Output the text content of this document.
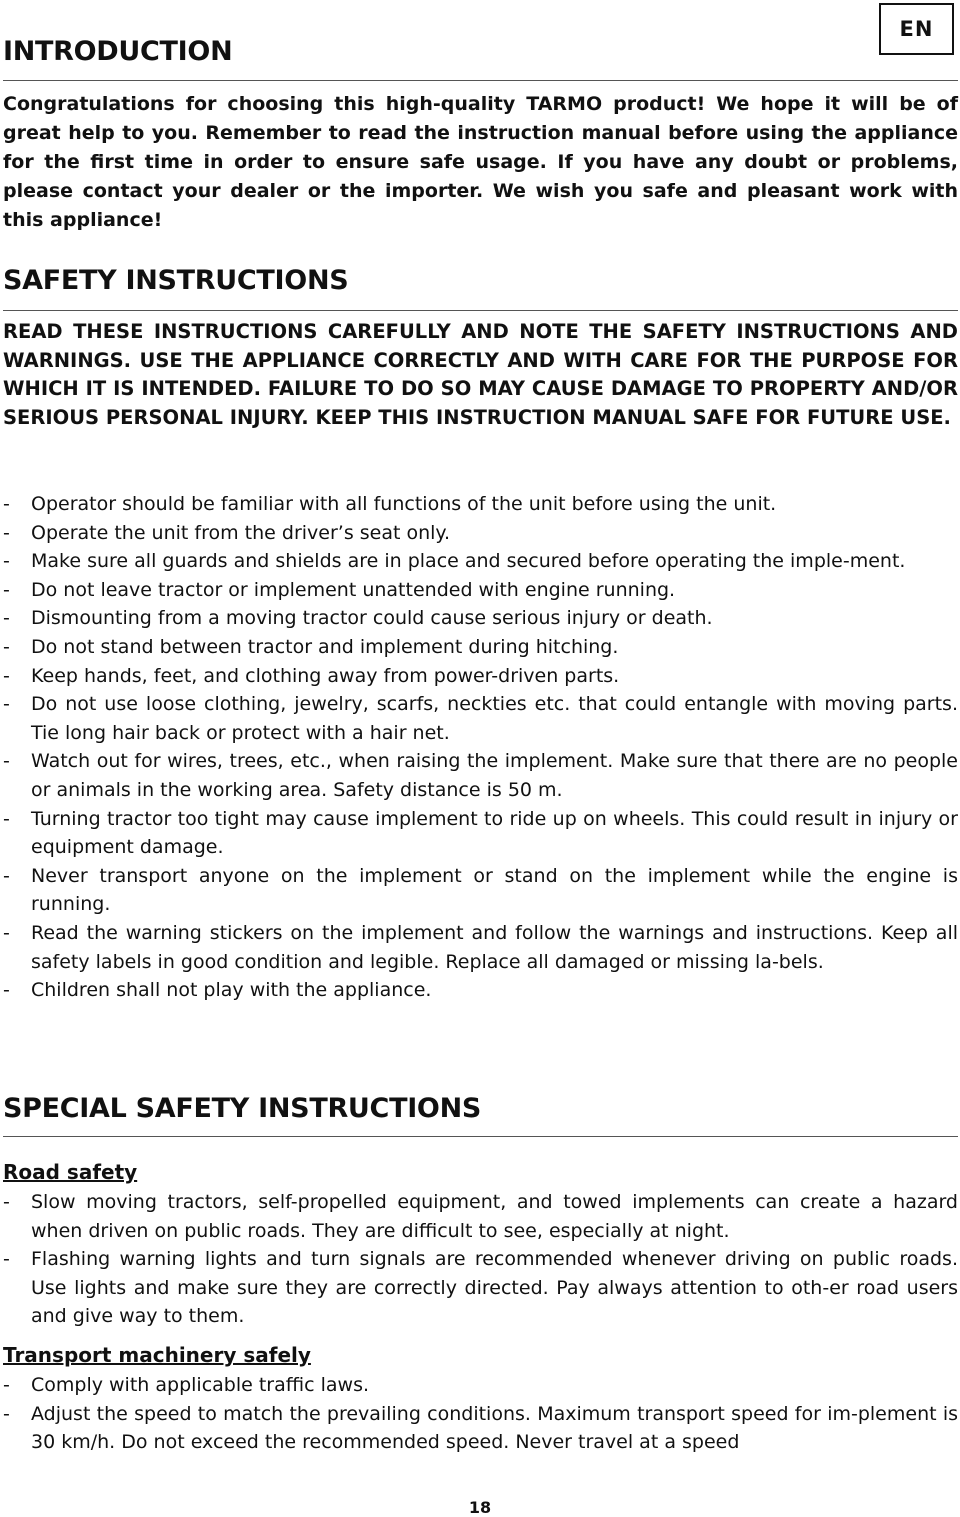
EN
INTRODUCTION

Congratulations for choosing this high-quality TARMO product! We hope it will be of great help to you. Remember to read the instruction manual before using the appliance for the first time in order to ensure safe usage. If you have any doubt or problems, please contact your dealer or the importer. We wish you safe and pleasant work with this appliance!

SAFETY INSTRUCTIONS

READ THESE INSTRUCTIONS CAREFULLY AND NOTE THE SAFETY INSTRUCTIONS AND WARNINGS. USE THE APPLIANCE CORRECTLY AND WITH CARE FOR THE PURPOSE FOR WHICH IT IS INTENDED. FAILURE TO DO SO MAY CAUSE DAMAGE TO PROPERTY AND/OR SERIOUS PERSONAL INJURY. KEEP THIS INSTRUCTION MANUAL SAFE FOR FUTURE USE.

- Operator should be familiar with all functions of the unit before using the unit.
- Operate the unit from the driver’s seat only.
- Make sure all guards and shields are in place and secured before operating the imple-ment.
- Do not leave tractor or implement unattended with engine running.
- Dismounting from a moving tractor could cause serious injury or death.
- Do not stand between tractor and implement during hitching.
- Keep hands, feet, and clothing away from power-driven parts.
- Do not use loose clothing, jewelry, scarfs, neckties etc. that could entangle with moving parts. Tie long hair back or protect with a hair net.
- Watch out for wires, trees, etc., when raising the implement. Make sure that there are no people or animals in the working area. Safety distance is 50 m.
- Turning tractor too tight may cause implement to ride up on wheels. This could result in injury or equipment damage.
- Never transport anyone on the implement or stand on the implement while the engine is running.
- Read the warning stickers on the implement and follow the warnings and instructions. Keep all safety labels in good condition and legible. Replace all damaged or missing la-bels.
- Children shall not play with the appliance.
SPECIAL SAFETY INSTRUCTIONS
Road safety
- Slow moving tractors, self-propelled equipment, and towed implements can create a hazard when driven on public roads. They are difficult to see, especially at night.
- Flashing warning lights and turn signals are recommended whenever driving on public roads. Use lights and make sure they are correctly directed. Pay always attention to oth-er road users and give way to them.
Transport machinery safely
- Comply with applicable traffic laws.
- Adjust the speed to match the prevailing conditions. Maximum transport speed for im-plement is 30 km/h. Do not exceed the recommended speed. Never travel at a speed
18
